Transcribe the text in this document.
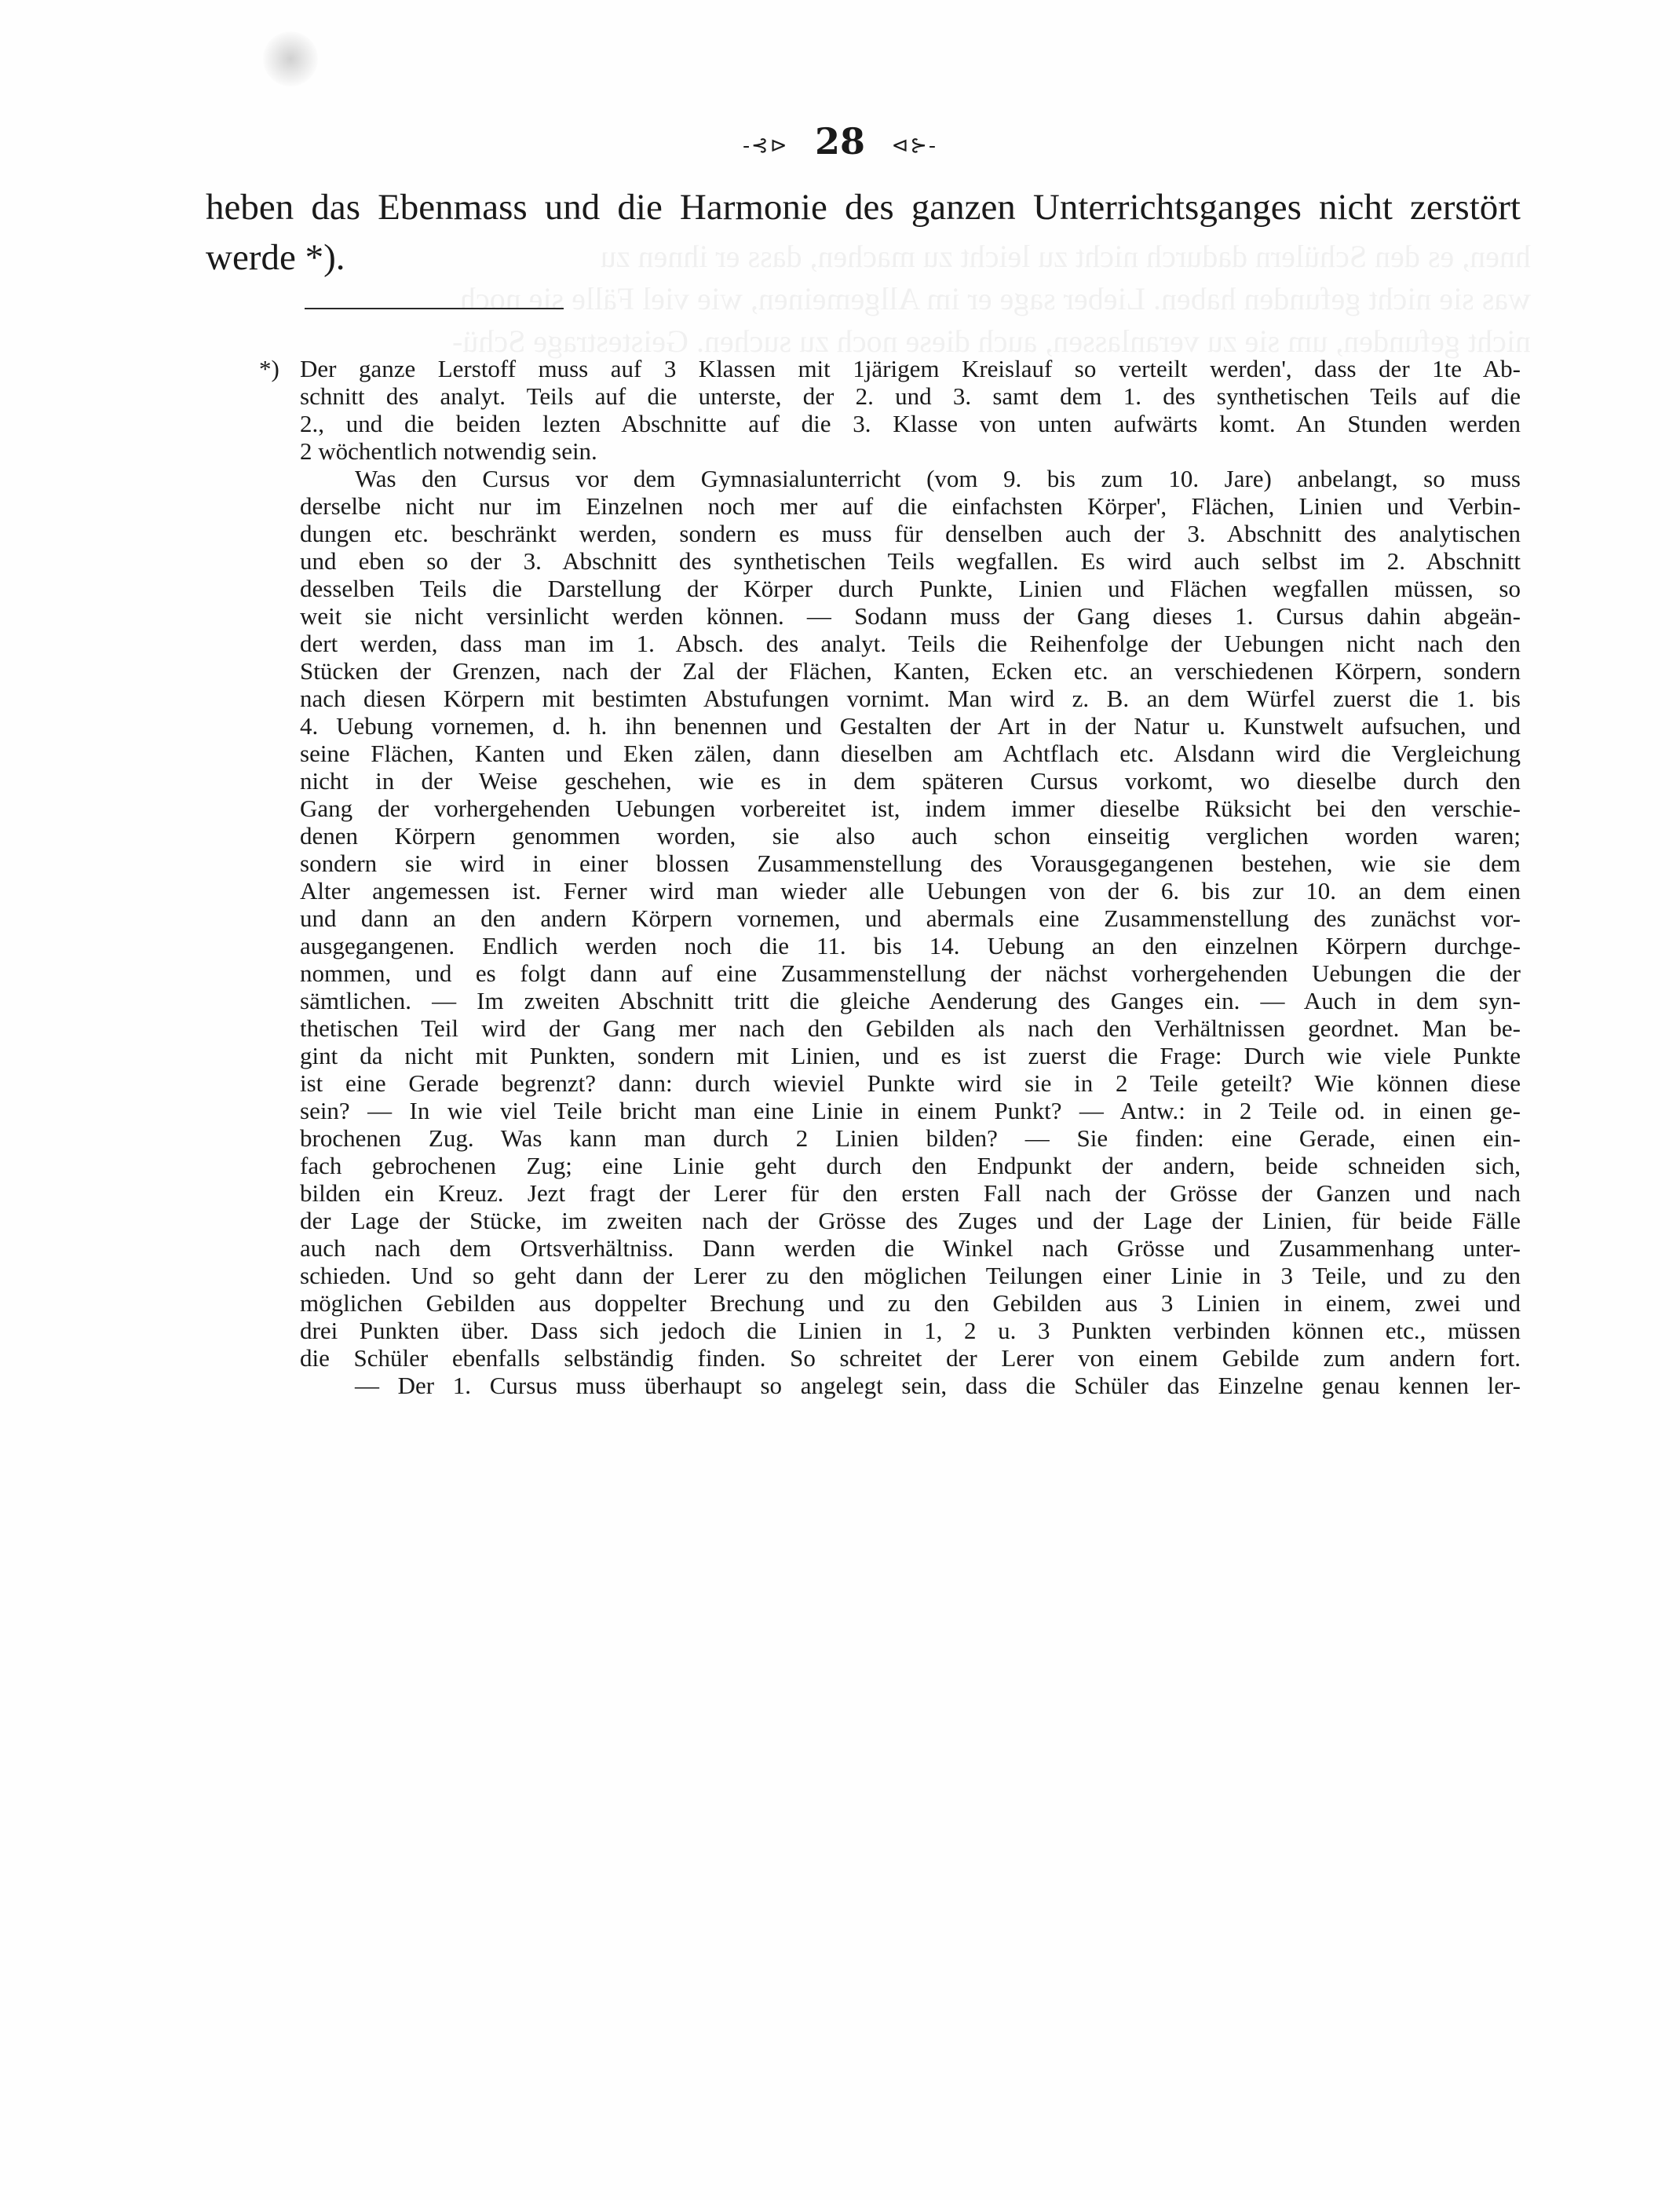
hnen, es den Schülern dadurch nicht zu leicht zu machen, dass er ihnen zu
was sie nicht gefunden haben. Lieber sage er im Allgemeinen, wie viel Fälle sie noch
nicht gefunden, um sie zu veranlassen, auch diese noch zu suchen. Geistestrage Schü-
-⊰⊳ 28 ⊲⊱-
heben das Ebenmass und die Harmonie des ganzen Unterrichtsganges nicht zerstört
werde *).
*) Der ganze Lerstoff muss auf 3 Klassen mit 1järigem Kreislauf so verteilt werden', dass der 1te Ab-
schnitt des analyt. Teils auf die unterste, der 2. und 3. samt dem 1. des synthetischen Teils auf die
2., und die beiden lezten Abschnitte auf die 3. Klasse von unten aufwärts komt. An Stunden werden
2 wöchentlich notwendig sein.
Was den Cursus vor dem Gymnasialunterricht (vom 9. bis zum 10. Jare) anbelangt, so muss
derselbe nicht nur im Einzelnen noch mer auf die einfachsten Körper', Flächen, Linien und Verbin-
dungen etc. beschränkt werden, sondern es muss für denselben auch der 3. Abschnitt des analytischen
und eben so der 3. Abschnitt des synthetischen Teils wegfallen. Es wird auch selbst im 2. Abschnitt
desselben Teils die Darstellung der Körper durch Punkte, Linien und Flächen wegfallen müssen, so
weit sie nicht versinlicht werden können. — Sodann muss der Gang dieses 1. Cursus dahin abgeän-
dert werden, dass man im 1. Absch. des analyt. Teils die Reihenfolge der Uebungen nicht nach den
Stücken der Grenzen, nach der Zal der Flächen, Kanten, Ecken etc. an verschiedenen Körpern, sondern
nach diesen Körpern mit bestimten Abstufungen vornimt. Man wird z. B. an dem Würfel zuerst die 1. bis
4. Uebung vornemen, d. h. ihn benennen und Gestalten der Art in der Natur u. Kunstwelt aufsuchen, und
seine Flächen, Kanten und Eken zälen, dann dieselben am Achtflach etc. Alsdann wird die Vergleichung
nicht in der Weise geschehen, wie es in dem späteren Cursus vorkomt, wo dieselbe durch den
Gang der vorhergehenden Uebungen vorbereitet ist, indem immer dieselbe Rüksicht bei den verschie-
denen Körpern genommen worden, sie also auch schon einseitig verglichen worden waren;
sondern sie wird in einer blossen Zusammenstellung des Vorausgegangenen bestehen, wie sie dem
Alter angemessen ist. Ferner wird man wieder alle Uebungen von der 6. bis zur 10. an dem einen
und dann an den andern Körpern vornemen, und abermals eine Zusammenstellung des zunächst vor-
ausgegangenen. Endlich werden noch die 11. bis 14. Uebung an den einzelnen Körpern durchge-
nommen, und es folgt dann auf eine Zusammenstellung der nächst vorhergehenden Uebungen die der
sämtlichen. — Im zweiten Abschnitt tritt die gleiche Aenderung des Ganges ein. — Auch in dem syn-
thetischen Teil wird der Gang mer nach den Gebilden als nach den Verhältnissen geordnet. Man be-
gint da nicht mit Punkten, sondern mit Linien, und es ist zuerst die Frage: Durch wie viele Punkte
ist eine Gerade begrenzt? dann: durch wieviel Punkte wird sie in 2 Teile geteilt? Wie können diese
sein? — In wie viel Teile bricht man eine Linie in einem Punkt? — Antw.: in 2 Teile od. in einen ge-
brochenen Zug. Was kann man durch 2 Linien bilden? — Sie finden: eine Gerade, einen ein-
fach gebrochenen Zug; eine Linie geht durch den Endpunkt der andern, beide schneiden sich,
bilden ein Kreuz. Jezt fragt der Lerer für den ersten Fall nach der Grösse der Ganzen und nach
der Lage der Stücke, im zweiten nach der Grösse des Zuges und der Lage der Linien, für beide Fälle
auch nach dem Ortsverhältniss. Dann werden die Winkel nach Grösse und Zusammenhang unter-
schieden. Und so geht dann der Lerer zu den möglichen Teilungen einer Linie in 3 Teile, und zu den
möglichen Gebilden aus doppelter Brechung und zu den Gebilden aus 3 Linien in einem, zwei und
drei Punkten über. Dass sich jedoch die Linien in 1, 2 u. 3 Punkten verbinden können etc., müssen
die Schüler ebenfalls selbständig finden. So schreitet der Lerer von einem Gebilde zum andern fort.
— Der 1. Cursus muss überhaupt so angelegt sein, dass die Schüler das Einzelne genau kennen ler-
